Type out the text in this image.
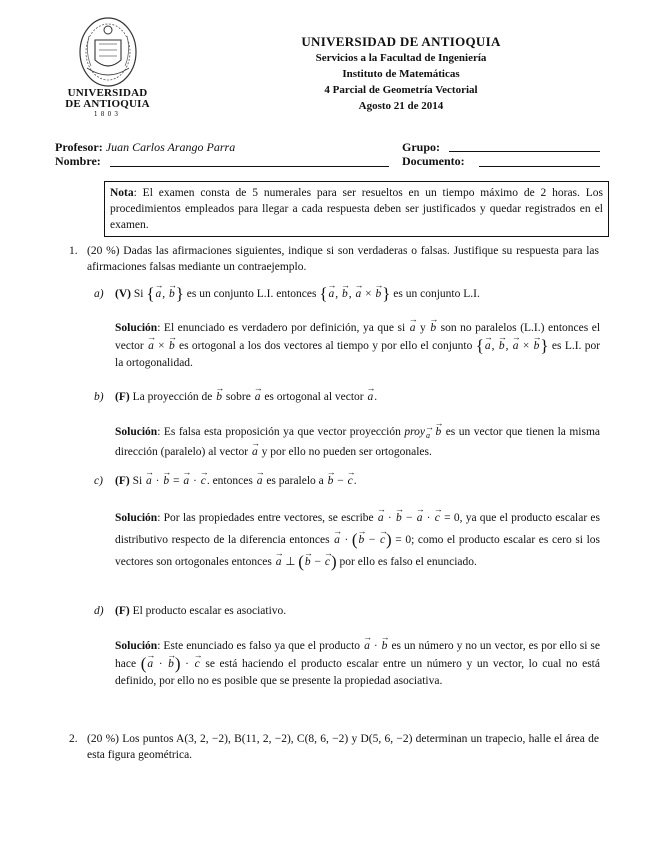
UNIVERSIDAD
DE ANTIOQUIA
1803
UNIVERSIDAD DE ANTIOQUIA
Servicios a la Facultad de Ingeniería
Instituto de Matemáticas
4 Parcial de Geometría Vectorial
Agosto 21 de 2014
Profesor: Juan Carlos Arango Parra	Grupo:
Nombre:	Documento:
Nota: El examen consta de 5 numerales para ser resueltos en un tiempo máximo de 2 horas. Los procedimientos empleados para llegar a cada respuesta deben ser justificados y quedar registrados en el examen.
1. (20 %) Dadas las afirmaciones siguientes, indique si son verdaderas o falsas. Justifique su respuesta para las afirmaciones falsas mediante un contraejemplo.
a) (V) Si {→ a, → b} es un conjunto L.I. entonces {→ a, → b, → a × → b} es un conjunto L.I.
Solución: El enunciado es verdadero por definición, ya que si → a y → b son no paralelos (L.I.) entonces el vector → a × → b es ortogonal a los dos vectores al tiempo y por ello el conjunto {→ a, → b, → a × → b} es L.I. por la ortogonalidad.
b) (F) La proyección de → b sobre → a es ortogonal al vector → a.
Solución: Es falsa esta proposición ya que vector proyección proy→ $_a$ → b es un vector que tienen la misma dirección (paralelo) al vector → a y por ello no pueden ser ortogonales.
c)	(F) Si → a · → b = → a · → c. entonces → a es paralelo a → b − → c.
Solución: Por las propiedades entre vectores, se escribe → a · → b − → a · → c = 0, ya que el producto escalar es distributivo respecto de la diferencia entonces → a · (→ b − → c) = 0; como el producto escalar es cero si los vectores son ortogonales entonces → a ⊥ (→ b − → c) por ello es falso el enunciado.
d) (F) El producto escalar es asociativo.
Solución: Este enunciado es falso ya que el producto → a · → b es un número y no un vector, es por ello si se hace (→ a · → b) · → c se está haciendo el producto escalar entre un número y un vector, lo cual no está definido, por ello no es posible que se presente la propiedad asociativa.
2. (20 %) Los puntos A(3, 2, −2), B(11, 2, −2), C(8, 6, −2) y D(5, 6, −2) determinan un trapecio, halle el área de esta figura geométrica.
